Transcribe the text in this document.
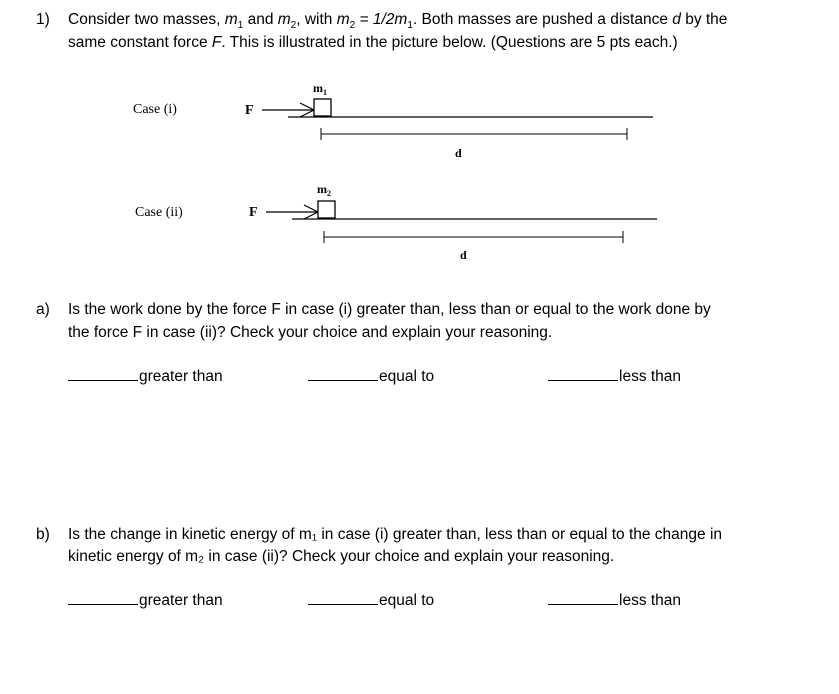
1) Consider two masses, $m_1$ and $m_2$, with $m_2 = 1/2m_1$. Both masses are pushed a distance d by the
same constant force F. This is illustrated in the picture below. (Questions are 5 pts each.)
Case (i)	F
$m_1$
d
Case (ii)	F
$m_2$
d
a) Is the work done by the force F in case (i) greater than, less than or equal to the work done by
the force F in case (ii)? Check your choice and explain your reasoning.
greater than	equal to	less than
b) Is the change in kinetic energy of m₁ in case (i) greater than, less than or equal to the change in
kinetic energy of m₂ in case (ii)? Check your choice and explain your reasoning.
greater than	equal to	less than
